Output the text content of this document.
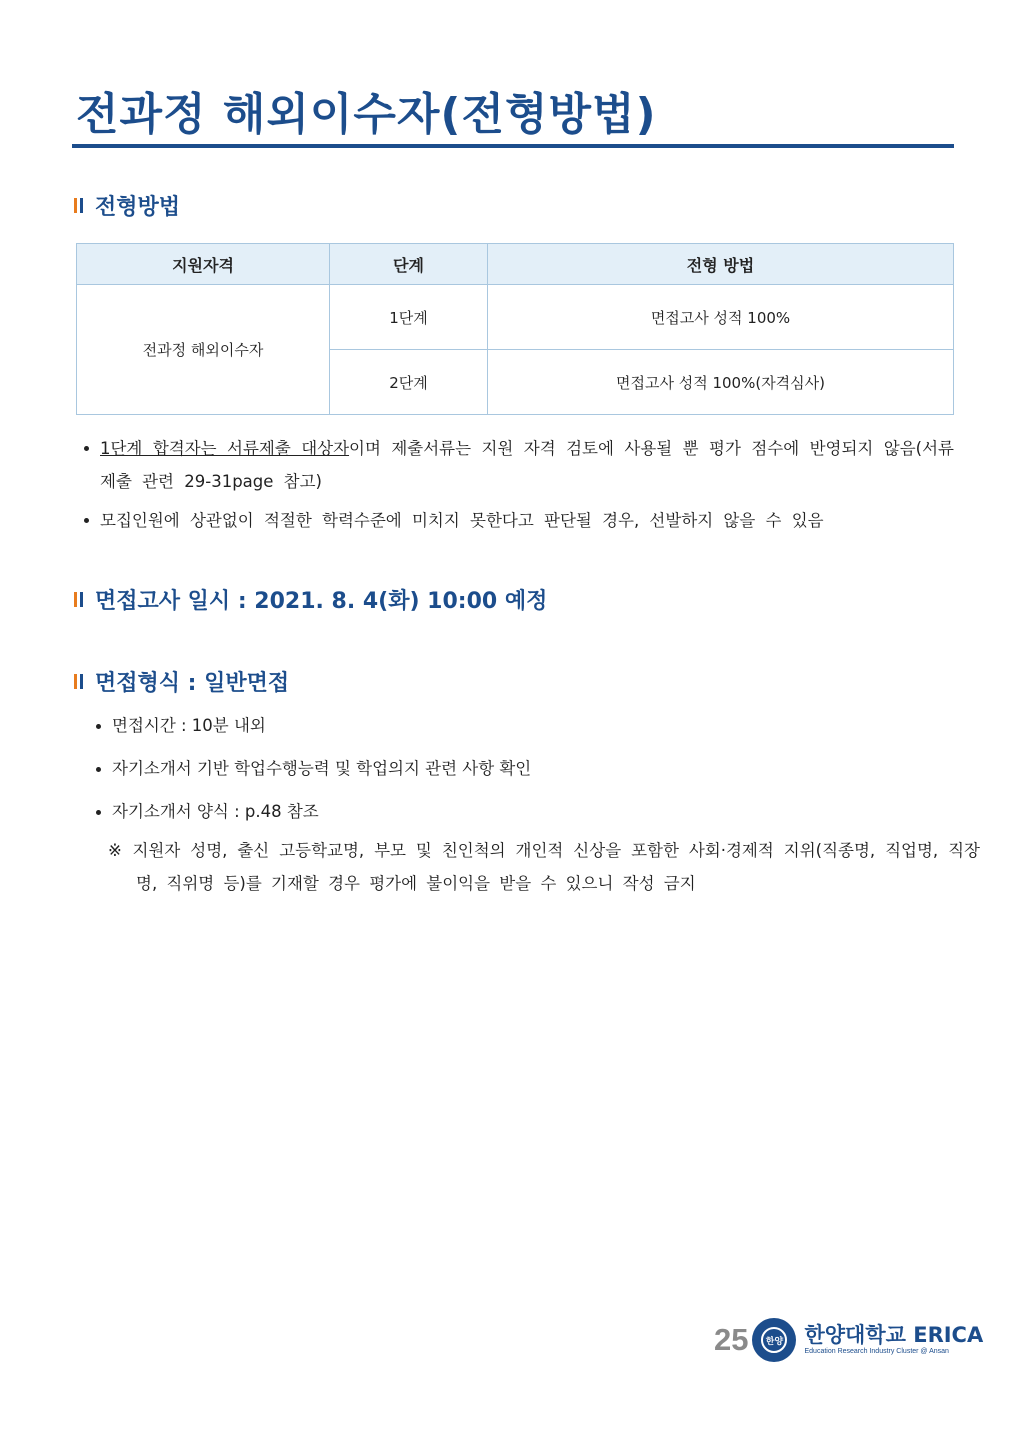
전과정 해외이수자(전형방법)
전형방법
지원자격	단계	전형 방법
전과정 해외이수자	1단계	면접고사 성적 100%
	2단계	면접고사 성적 100%(자격심사)
1단계 합격자는 서류제출 대상자이며 제출서류는 지원 자격 검토에 사용될 뿐 평가 점수에 반영되지 않음(서류제출 관련 29-31page 참고)
모집인원에 상관없이 적절한 학력수준에 미치지 못한다고 판단될 경우, 선발하지 않을 수 있음
면접고사 일시 : 2021. 8. 4(화) 10:00 예정
면접형식 : 일반면접
면접시간 : 10분 내외
자기소개서 기반 학업수행능력 및 학업의지 관련 사항 확인
자기소개서 양식 : p.48 참조

※ 지원자 성명, 출신 고등학교명, 부모 및 친인척의 개인적 신상을 포함한 사회·경제적 지위(직종명, 직업명, 직장명, 직위명 등)를 기재할 경우 평가에 불이익을 받을 수 있으니 작성 금지

25	한양 한양대학교 ERICA
Education Research Industry Cluster @ Ansan
